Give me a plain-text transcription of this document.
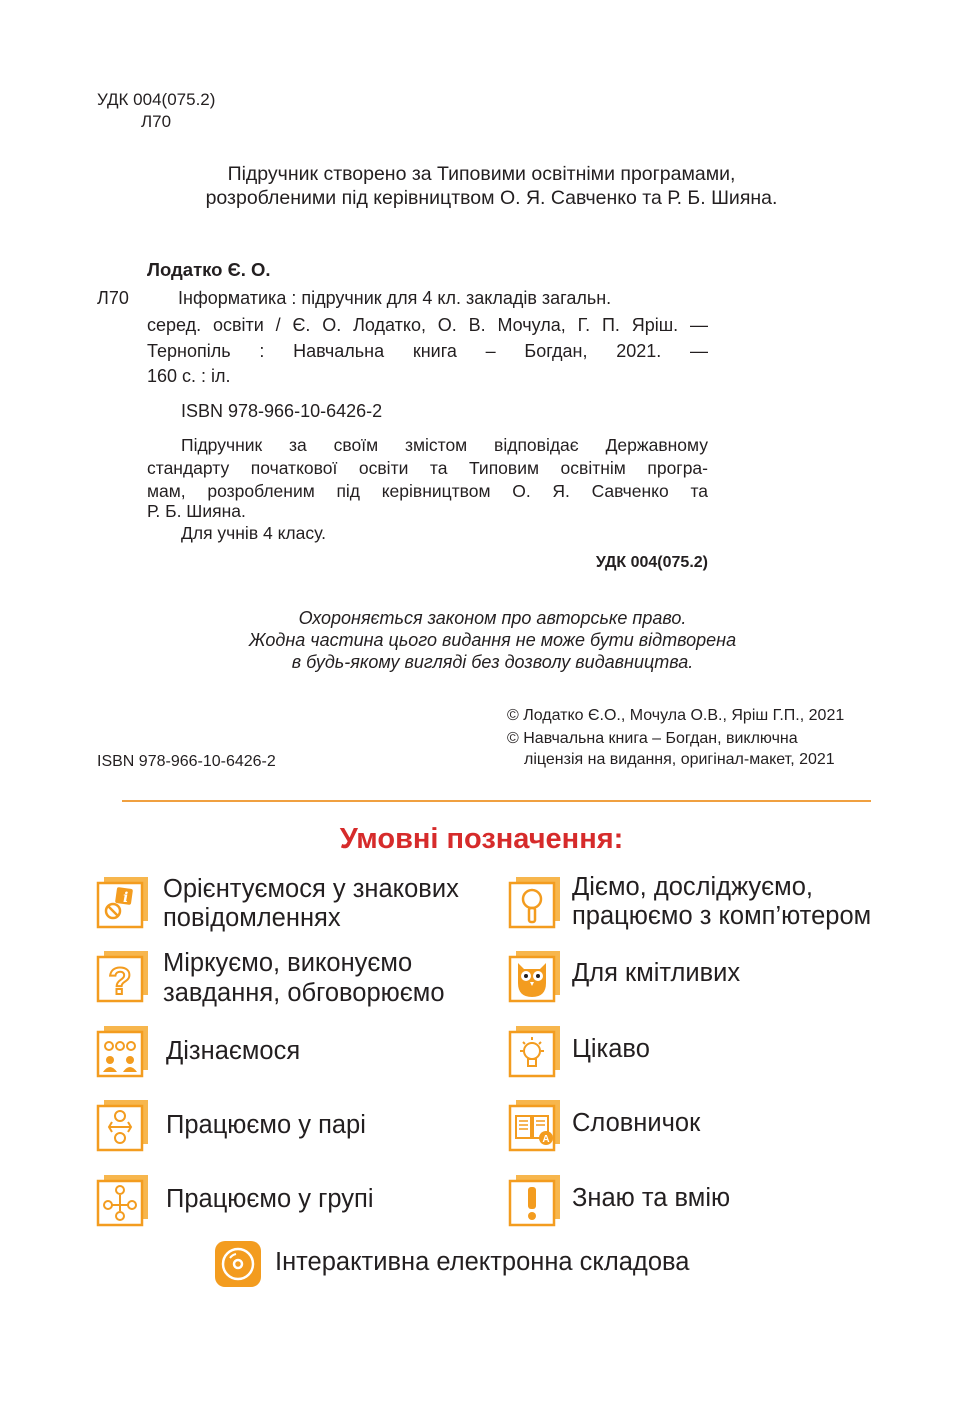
УДК 004(075.2)
Л70
Підручник створено за Типовими освітніми програмами,
розробленими під керівництвом О. Я. Савченко та Р. Б. Шияна.
Лодатко Є. О.
Л70	Інформатика : підручник для 4 кл. закладів загальн.
серед. освіти / Є. О. Лодатко, О. В. Мочула, Г. П. Яріш. —
Тернопіль : Навчальна книга – Богдан, 2021. —
160 с. : іл.
ISBN 978-966-10-6426-2
Підручник за своїм змістом відповідає Державному
стандарту початкової освіти та Типовим освітнім програ-
мам, розробленим під керівництвом О. Я. Савченко та
Р. Б. Шияна.
Для учнів 4 класу.
УДК 004(075.2)
Охороняється законом про авторське право.
Жодна частина цього видання не може бути відтворена
в будь-якому вигляді без дозволу видавництва.
© Лодатко Є.О., Мочула О.В., Яріш Г.П., 2021
© Навчальна книга – Богдан, виключна
ліцензія на видання, оригінал-макет, 2021
ISBN 978-966-10-6426-2
Умовні позначення:
i
?
Орієнтуємося у знакових
повідомленнях
Міркуємо, виконуємо
завдання, обговорюємо
Дізнаємося
Працюємо у парі
Працюємо у групі
A
Діємо, досліджуємо,
працюємо з комп’ютером
Для кмітливих
Цікаво
Словничок
Знаю та вмію
Інтерактивна електронна складова
